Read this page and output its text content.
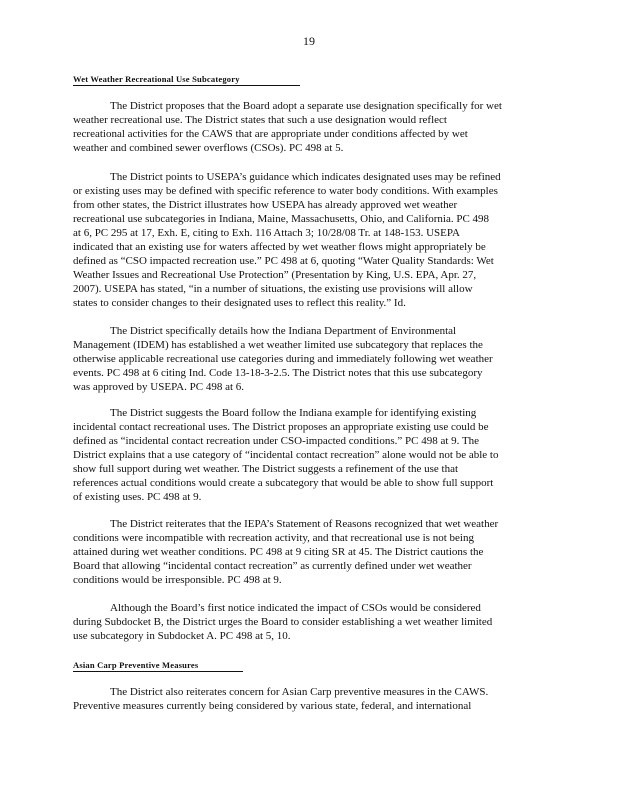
19
Wet Weather Recreational Use Subcategory
The District proposes that the Board adopt a separate use designation specifically for wet
weather recreational use. The District states that such a use designation would reflect
recreational activities for the CAWS that are appropriate under conditions affected by wet
weather and combined sewer overflows (CSOs). PC 498 at 5.
The District points to USEPA’s guidance which indicates designated uses may be refined
or existing uses may be defined with specific reference to water body conditions. With examples
from other states, the District illustrates how USEPA has already approved wet weather
recreational use subcategories in Indiana, Maine, Massachusetts, Ohio, and California. PC 498
at 6, PC 295 at 17, Exh. E, citing to Exh. 116 Attach 3; 10/28/08 Tr. at 148-153. USEPA
indicated that an existing use for waters affected by wet weather flows might appropriately be
defined as “CSO impacted recreation use.” PC 498 at 6, quoting “Water Quality Standards: Wet
Weather Issues and Recreational Use Protection” (Presentation by King, U.S. EPA, Apr. 27,
2007). USEPA has stated, “in a number of situations, the existing use provisions will allow
states to consider changes to their designated uses to reflect this reality.” Id.
The District specifically details how the Indiana Department of Environmental
Management (IDEM) has established a wet weather limited use subcategory that replaces the
otherwise applicable recreational use categories during and immediately following wet weather
events. PC 498 at 6 citing Ind. Code 13-18-3-2.5. The District notes that this use subcategory
was approved by USEPA. PC 498 at 6.
The District suggests the Board follow the Indiana example for identifying existing
incidental contact recreational uses. The District proposes an appropriate existing use could be
defined as “incidental contact recreation under CSO-impacted conditions.” PC 498 at 9. The
District explains that a use category of “incidental contact recreation” alone would not be able to
show full support during wet weather. The District suggests a refinement of the use that
references actual conditions would create a subcategory that would be able to show full support
of existing uses. PC 498 at 9.
The District reiterates that the IEPA’s Statement of Reasons recognized that wet weather
conditions were incompatible with recreation activity, and that recreational use is not being
attained during wet weather conditions. PC 498 at 9 citing SR at 45. The District cautions the
Board that allowing “incidental contact recreation” as currently defined under wet weather
conditions would be irresponsible. PC 498 at 9.
Although the Board’s first notice indicated the impact of CSOs would be considered
during Subdocket B, the District urges the Board to consider establishing a wet weather limited
use subcategory in Subdocket A. PC 498 at 5, 10.
Asian Carp Preventive Measures
The District also reiterates concern for Asian Carp preventive measures in the CAWS.
Preventive measures currently being considered by various state, federal, and international
